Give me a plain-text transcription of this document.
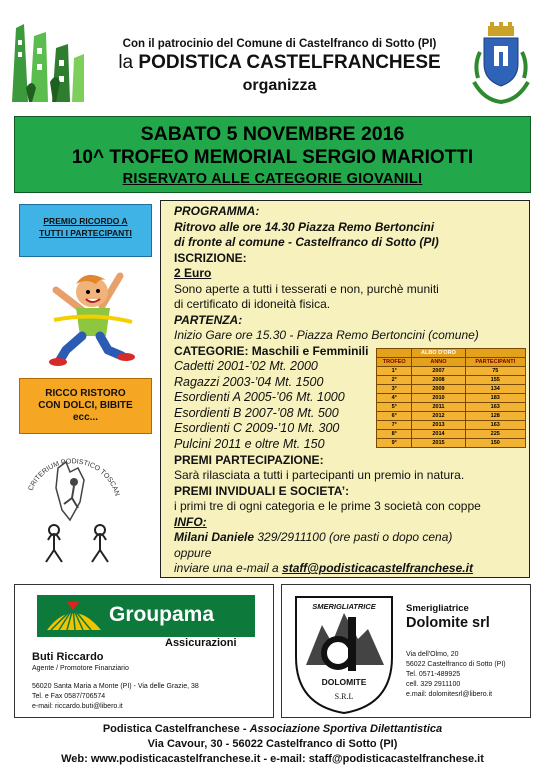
Con il patrocinio del Comune di Castelfranco di Sotto (PI)
la PODISTICA CASTELFRANCHESE
organizza
SABATO 5 NOVEMBRE 2016
10^ TROFEO MEMORIAL SERGIO MARIOTTI
RISERVATO ALLE CATEGORIE GIOVANILI
PREMIO RICORDO A
TUTTI I PARTECIPANTI
RICCO RISTORO
CON DOLCI, BIBITE
ecc...
CRITERIUM PODISTICO TOSCAN
PROGRAMMA:
Ritrovo alle ore 14.30 Piazza Remo Bertoncini
di fronte al comune - Castelfranco di Sotto (PI)
ISCRIZIONE:
2 Euro
Sono aperte a tutti i tesserati e non, purchè muniti
di certificato di idoneità fisica.
PARTENZA:
Inizio Gare ore 15.30 - Piazza Remo Bertoncini (comune)
CATEGORIE: Maschili e Femminili
Cadetti 2001-’02 Mt. 2000
Ragazzi 2003-’04 Mt. 1500
Esordienti A 2005-’06 Mt. 1000
Esordienti B 2007-’08 Mt. 500
Esordienti C 2009-’10 Mt. 300
Pulcini 2011 e oltre Mt. 150
PREMI PARTECIPAZIONE:
Sarà rilasciata a tutti i partecipanti un premio in natura.
PREMI INVIDUALI E SOCIETA’:
i primi tre di ogni categoria e le prime 3 società con coppe
INFO:
Milani Daniele 329/2911100 (ore pasti o dopo cena)
oppure
inviare una e-mail a staff@podisticacastelfranchese.it
	ALBO D'ORO	
TROFEO	ANNO	PARTECIPANTI
1°	2007	75
2°	2008	155
3°	2009	134
4°	2010	183
5°	2011	163
6°	2012	128
7°	2013	163
8°	2014	225
9°	2015	150
Groupama
Assicurazioni
Buti Riccardo
Agente / Promotore Finanziario
56020 Santa Maria a Monte (PI) - Via delle Grazie, 38
Tel. e Fax 0587/706574
e-mail: riccardo.buti@libero.it
SMERIGLIATRICE
DOLOMITE
S.R.L
Smerigliatrice
Dolomite srl
Via dell'Olmo, 20
56022 Castelfranco di Sotto (PI)
Tel. 0571-489925
cell. 329 2911100
e.mail: dolomitesrl@libero.it
Podistica Castelfranchese - Associazione Sportiva Dilettantistica
Via Cavour, 30 - 56022 Castelfranco di Sotto (PI)
Web: www.podisticacastelfranchese.it - e-mail: staff@podisticacastelfranchese.it
